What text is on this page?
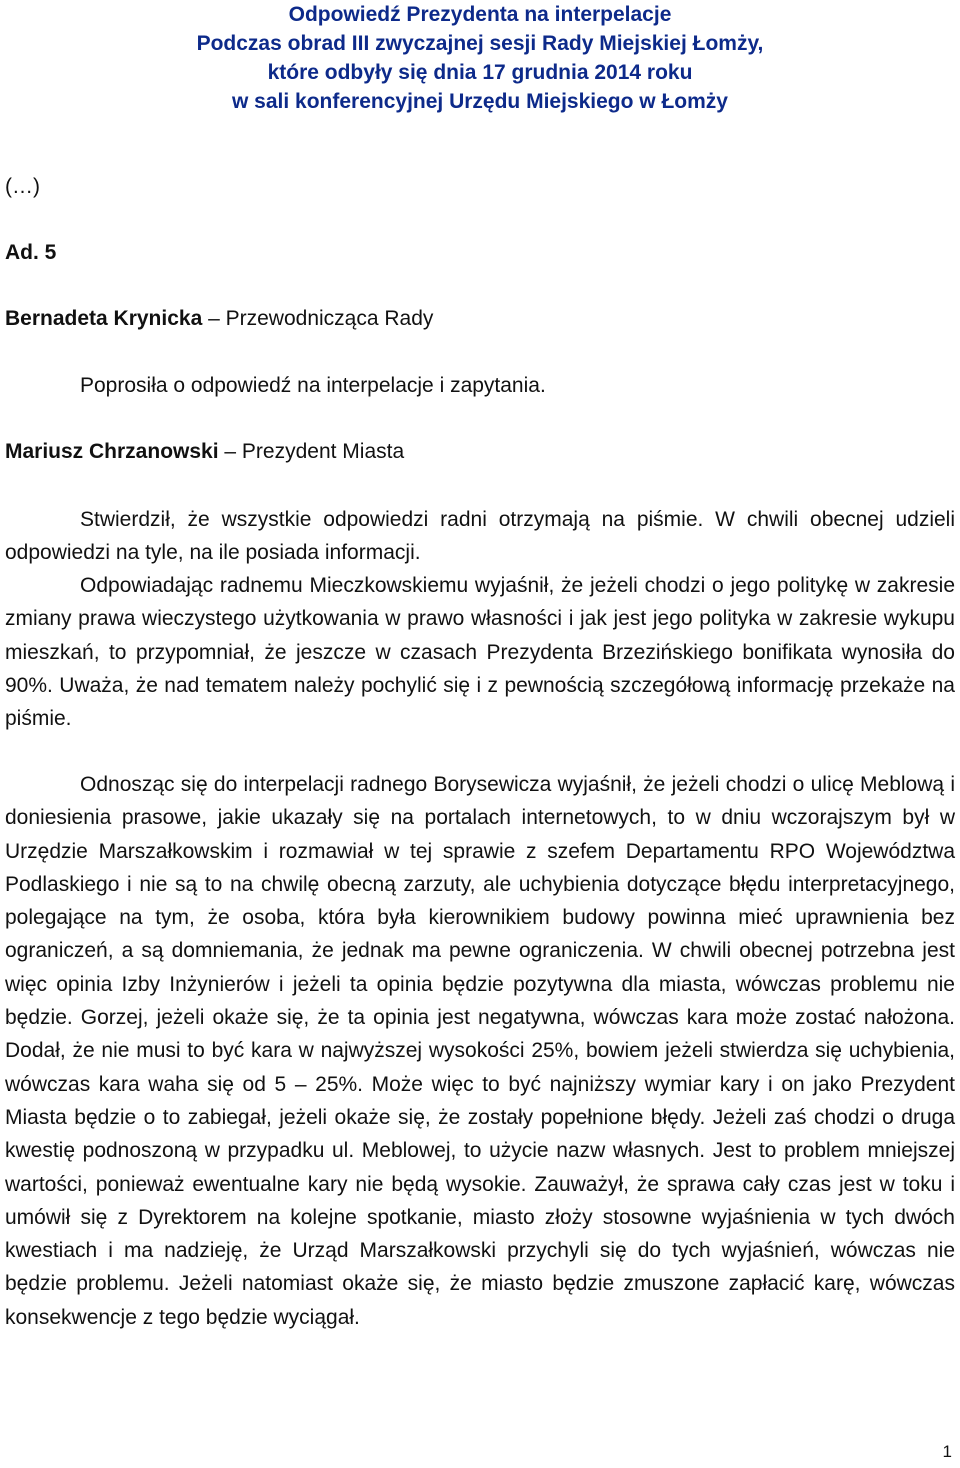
Odpowiedź Prezydenta na interpelacje
Podczas obrad III zwyczajnej sesji Rady Miejskiej Łomży,
które odbyły się dnia 17 grudnia 2014 roku
w sali konferencyjnej Urzędu Miejskiego w Łomży
(…)
Ad. 5
Bernadeta Krynicka – Przewodnicząca Rady
Poprosiła o odpowiedź na interpelacje i zapytania.
Mariusz Chrzanowski – Prezydent Miasta
Stwierdził, że wszystkie odpowiedzi radni otrzymają na piśmie. W chwili obecnej udzieli odpowiedzi na tyle, na ile posiada informacji.
Odpowiadając radnemu Mieczkowskiemu wyjaśnił, że jeżeli chodzi o jego politykę w zakresie zmiany prawa wieczystego użytkowania w prawo własności i jak jest jego polityka w zakresie wykupu mieszkań, to przypomniał, że jeszcze w czasach Prezydenta Brzezińskiego bonifikata wynosiła do 90%. Uważa, że nad tematem należy pochylić się i z pewnością szczegółową informację przekaże na piśmie.
Odnosząc się do interpelacji radnego Borysewicza wyjaśnił, że jeżeli chodzi o ulicę Meblową i doniesienia prasowe, jakie ukazały się na portalach internetowych, to w dniu wczorajszym był w Urzędzie Marszałkowskim i rozmawiał w tej sprawie z szefem Departamentu RPO Województwa Podlaskiego i nie są to na chwilę obecną zarzuty, ale uchybienia dotyczące błędu interpretacyjnego, polegające na tym, że osoba, która była kierownikiem budowy powinna mieć uprawnienia bez ograniczeń, a są domniemania, że jednak ma pewne ograniczenia. W chwili obecnej potrzebna jest więc opinia Izby Inżynierów i jeżeli ta opinia będzie pozytywna dla miasta, wówczas problemu nie będzie. Gorzej, jeżeli okaże się, że ta opinia jest negatywna, wówczas kara może zostać nałożona. Dodał, że nie musi to być kara w najwyższej wysokości 25%, bowiem jeżeli stwierdza się uchybienia, wówczas kara waha się od 5 – 25%. Może więc to być najniższy wymiar kary i on jako Prezydent Miasta będzie o to zabiegał, jeżeli okaże się, że zostały popełnione błędy. Jeżeli zaś chodzi o druga kwestię podnoszoną w przypadku ul. Meblowej, to użycie nazw własnych. Jest to problem mniejszej wartości, ponieważ ewentualne kary nie będą wysokie. Zauważył, że sprawa cały czas jest w toku i umówił się z Dyrektorem na kolejne spotkanie, miasto złoży stosowne wyjaśnienia w tych dwóch kwestiach i ma nadzieję, że Urząd Marszałkowski przychyli się do tych wyjaśnień, wówczas nie będzie problemu. Jeżeli natomiast okaże się, że miasto będzie zmuszone zapłacić karę, wówczas konsekwencje z tego będzie wyciągał.
1
